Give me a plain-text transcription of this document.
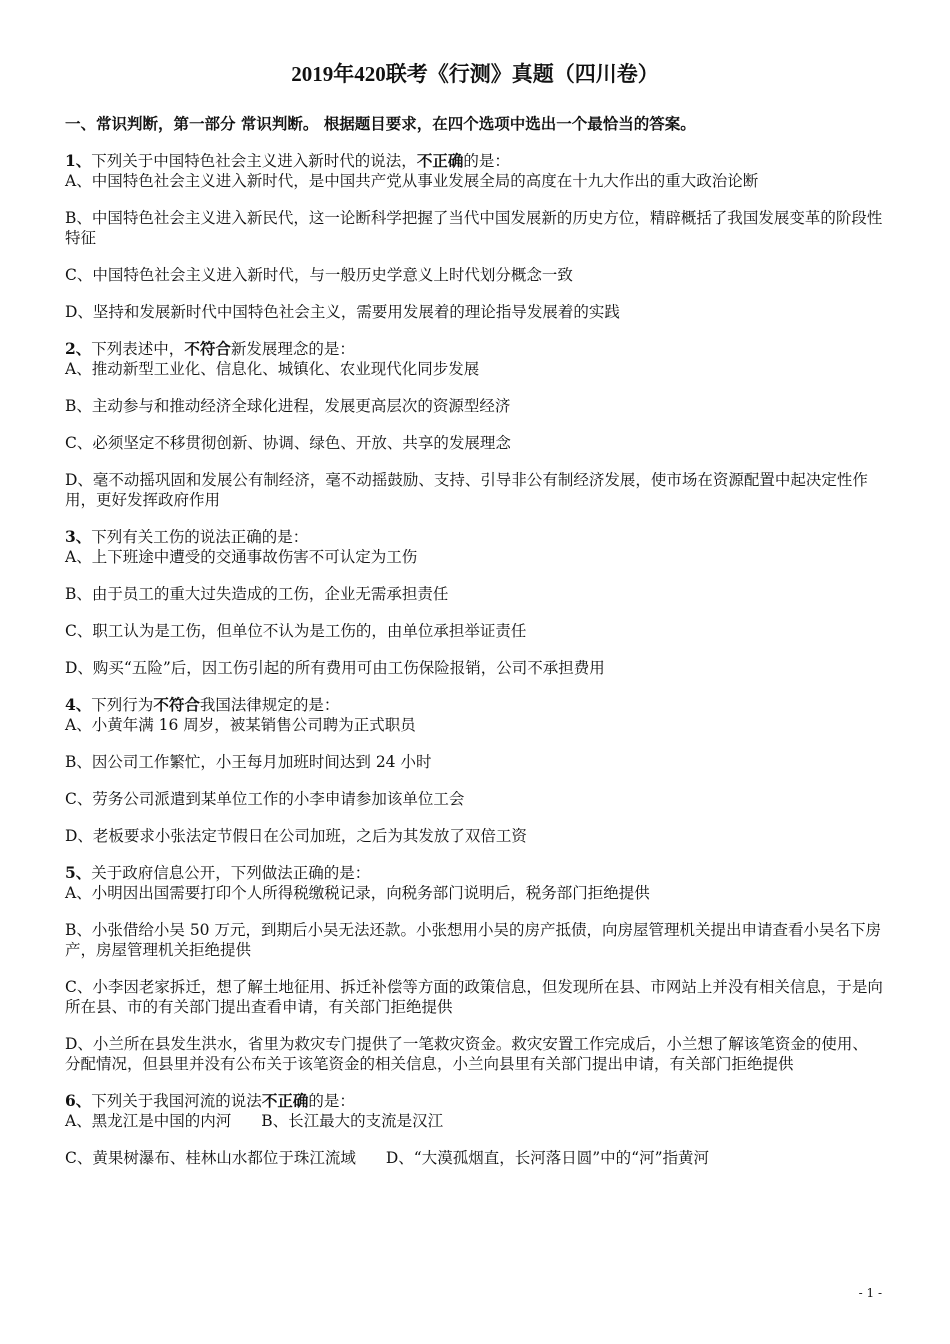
2019年420联考《行测》真题（四川卷）
一、常识判断，第一部分 常识判断。 根据题目要求，在四个选项中选出一个最恰当的答案。
1、下列关于中国特色社会主义进入新时代的说法，不正确的是：
A、中国特色社会主义进入新时代，是中国共产党从事业发展全局的高度在十九大作出的重大政治论断
B、中国特色社会主义进入新民代，这一论断科学把握了当代中国发展新的历史方位，精辟概括了我国发展变革的阶段性特征
C、中国特色社会主义进入新时代，与一般历史学意义上时代划分概念一致
D、坚持和发展新时代中国特色社会主义，需要用发展着的理论指导发展着的实践
2、下列表述中，不符合新发展理念的是：
A、推动新型工业化、信息化、城镇化、农业现代化同步发展
B、主动参与和推动经济全球化进程，发展更高层次的资源型经济
C、必须坚定不移贯彻创新、协调、绿色、开放、共享的发展理念
D、毫不动摇巩固和发展公有制经济，毫不动摇鼓励、支持、引导非公有制经济发展，使市场在资源配置中起决定性作用，更好发挥政府作用
3、下列有关工伤的说法正确的是：
A、上下班途中遭受的交通事故伤害不可认定为工伤
B、由于员工的重大过失造成的工伤，企业无需承担责任
C、职工认为是工伤，但单位不认为是工伤的，由单位承担举证责任
D、购买“五险”后，因工伤引起的所有费用可由工伤保险报销，公司不承担费用
4、下列行为不符合我国法律规定的是：
A、小黄年满 16 周岁，被某销售公司聘为正式职员
B、因公司工作繁忙，小王每月加班时间达到 24 小时
C、劳务公司派遣到某单位工作的小李申请参加该单位工会
D、老板要求小张法定节假日在公司加班，之后为其发放了双倍工资
5、关于政府信息公开，下列做法正确的是：
A、小明因出国需要打印个人所得税缴税记录，向税务部门说明后，税务部门拒绝提供
B、小张借给小吴 50 万元，到期后小吴无法还款。小张想用小吴的房产抵债，向房屋管理机关提出申请查看小吴名下房产，房屋管理机关拒绝提供
C、小李因老家拆迁，想了解土地征用、拆迁补偿等方面的政策信息，但发现所在县、市网站上并没有相关信息，于是向所在县、市的有关部门提出查看申请，有关部门拒绝提供
D、小兰所在县发生洪水，省里为救灾专门提供了一笔救灾资金。救灾安置工作完成后，小兰想了解该笔资金的使用、分配情况，但县里并没有公布关于该笔资金的相关信息，小兰向县里有关部门提出申请，有关部门拒绝提供
6、下列关于我国河流的说法不正确的是：
A、黑龙江是中国的内河 B、长江最大的支流是汉江
C、黄果树瀑布、桂林山水都位于珠江流域 D、“大漠孤烟直，长河落日圆”中的“河”指黄河
- 1 -
